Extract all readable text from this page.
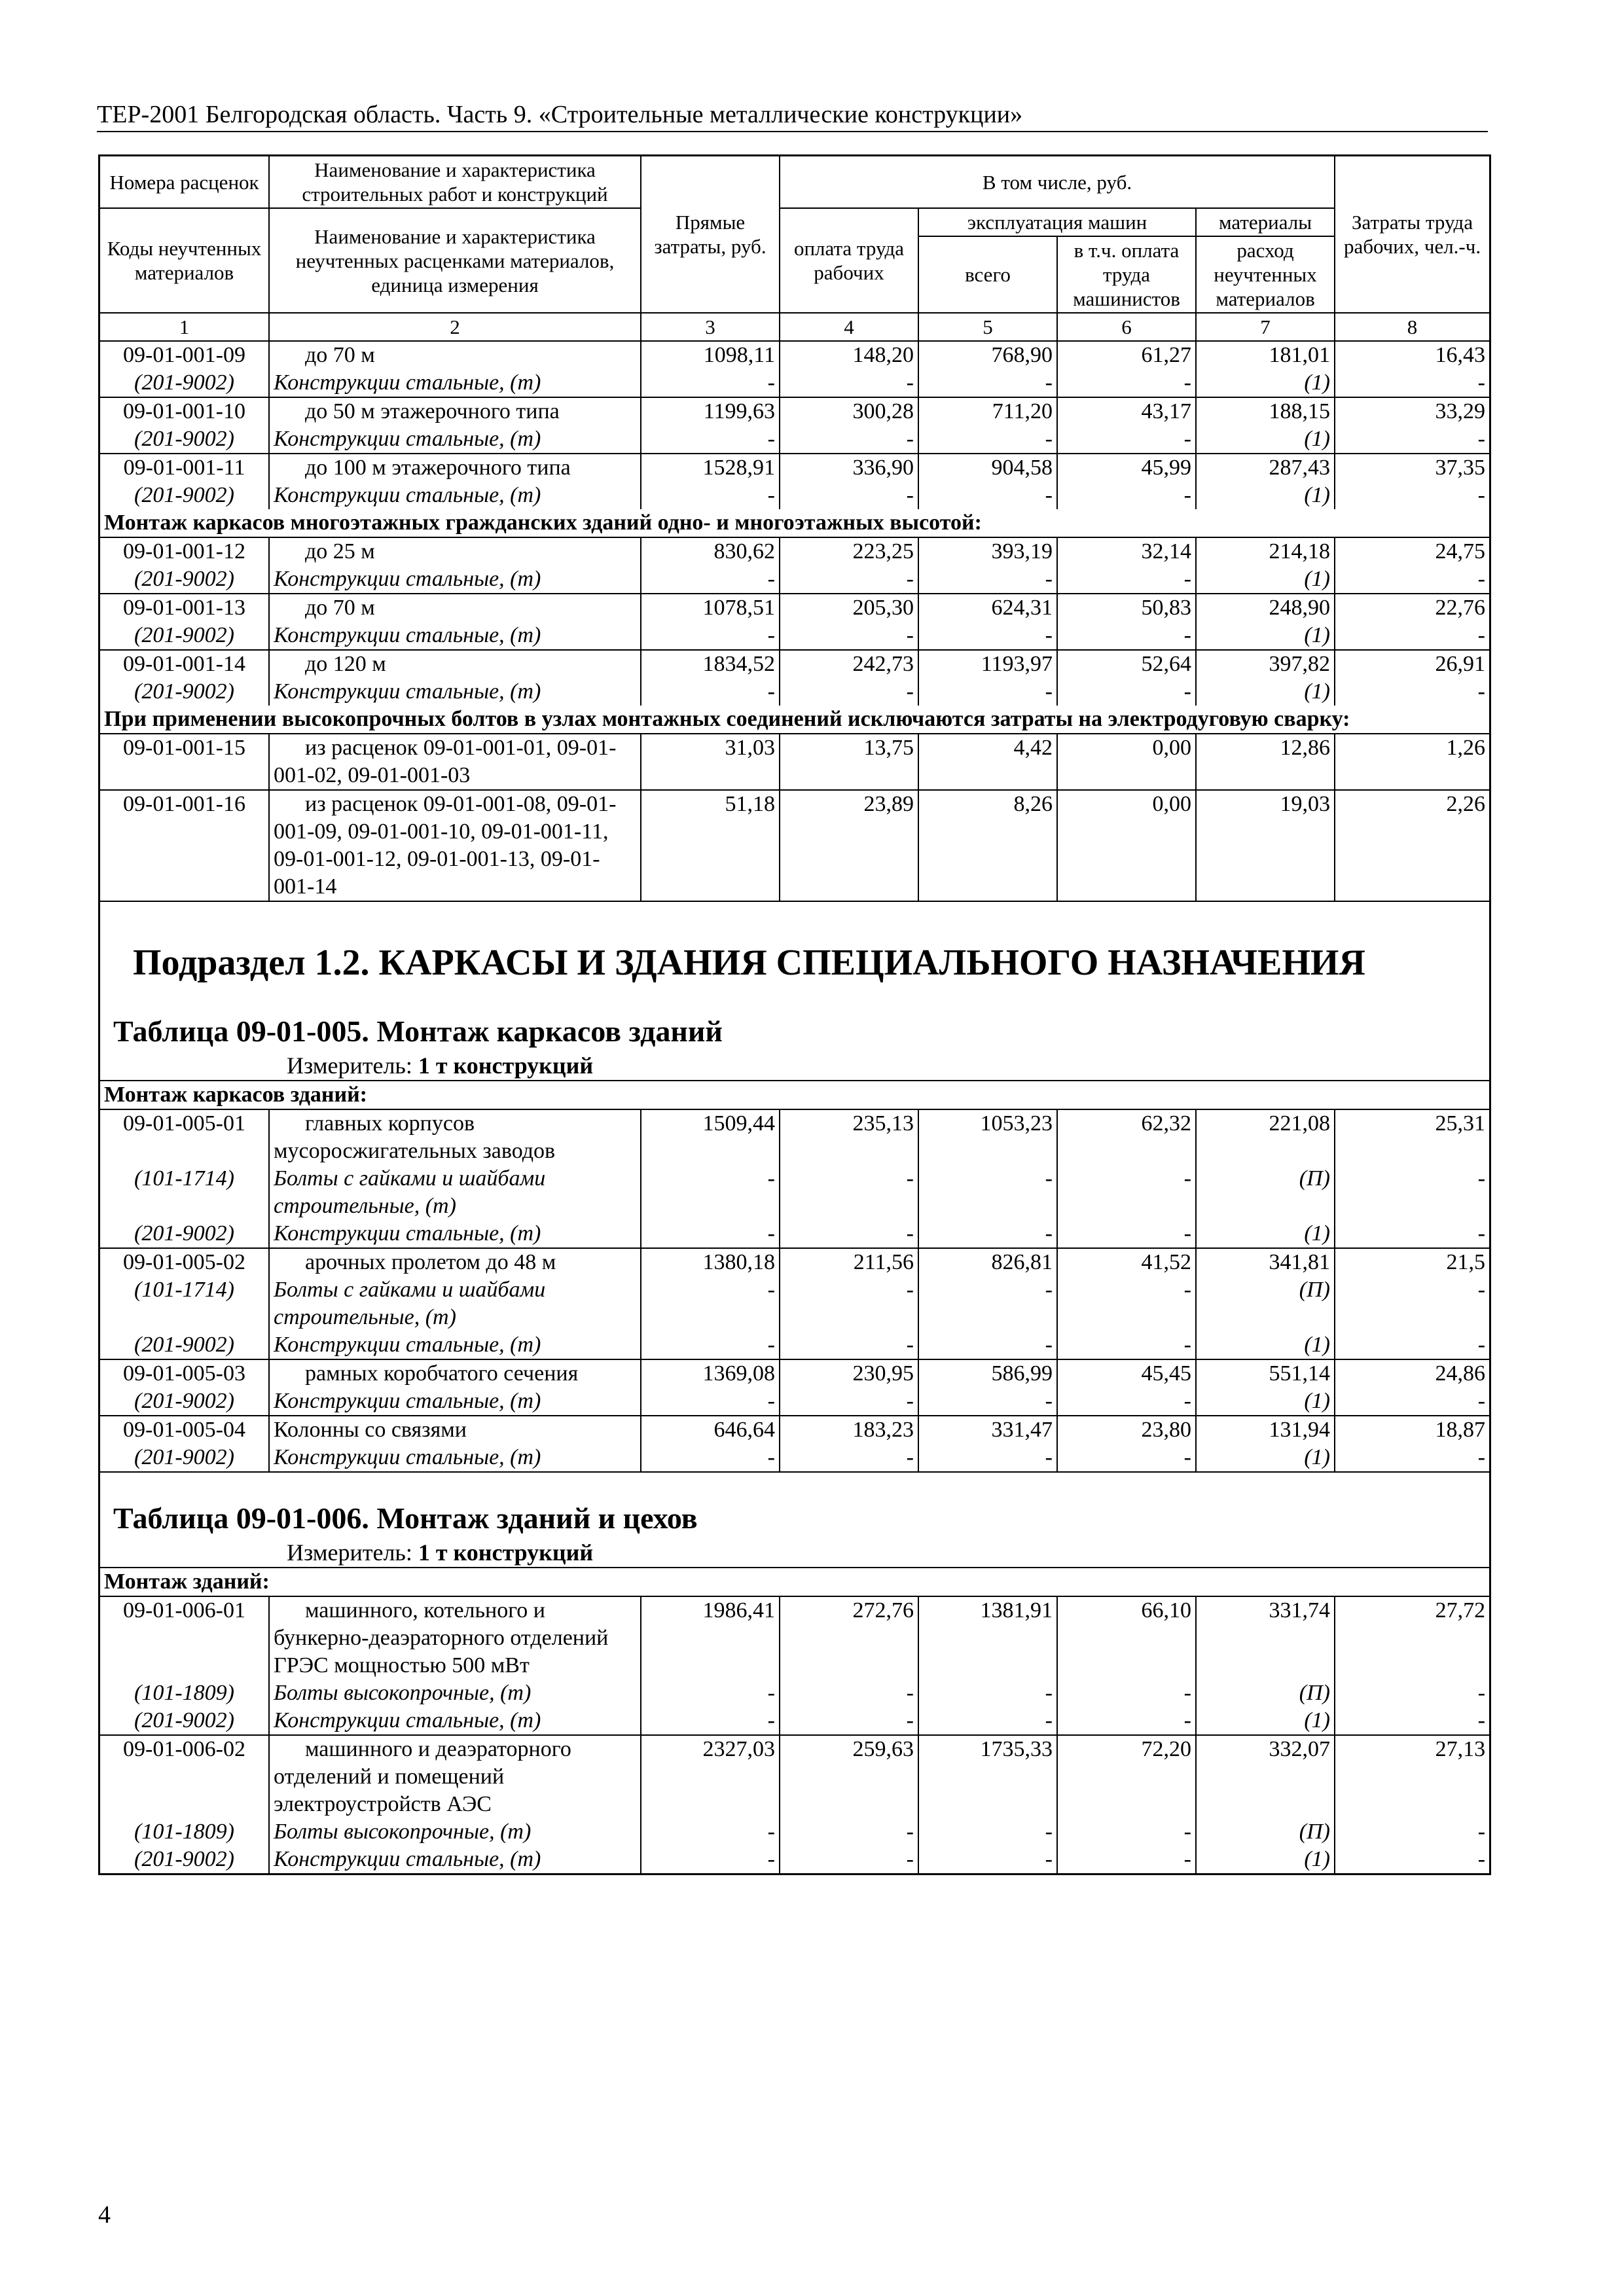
ТЕР-2001 Белгородская область. Часть 9. «Строительные металлические конструкции»
Номера расценок	Наименование и характеристика строительных работ и конструкций	Прямые затраты, руб.	В том числе, руб.				Затраты труда рабочих, чел.-ч.
Коды неучтенных материалов	Наименование и характеристика неучтенных расценками материалов, единица измерения		оплата труда рабочих	эксплуатация машин		материалы	
				всего	в т.ч. оплата труда машинистов	расход неучтенных материалов	
1	2	3	4	5	6	7	8
09-01-001-09	до 70 м	1098,11	148,20	768,90	61,27	181,01	16,43
(201-9002)	Конструкции стальные, (т)	-	-	-	-	(1)	-
09-01-001-10	до 50 м этажерочного типа	1199,63	300,28	711,20	43,17	188,15	33,29
(201-9002)	Конструкции стальные, (т)	-	-	-	-	(1)	-
09-01-001-11	до 100 м этажерочного типа	1528,91	336,90	904,58	45,99	287,43	37,35
(201-9002)	Конструкции стальные, (т)	-	-	-	-	(1)	-
Монтаж каркасов многоэтажных гражданских зданий одно- и многоэтажных высотой:							
09-01-001-12	до 25 м	830,62	223,25	393,19	32,14	214,18	24,75
(201-9002)	Конструкции стальные, (т)	-	-	-	-	(1)	-
09-01-001-13	до 70 м	1078,51	205,30	624,31	50,83	248,90	22,76
(201-9002)	Конструкции стальные, (т)	-	-	-	-	(1)	-
09-01-001-14	до 120 м	1834,52	242,73	1193,97	52,64	397,82	26,91
(201-9002)	Конструкции стальные, (т)	-	-	-	-	(1)	-
При применении высокопрочных болтов в узлах монтажных соединений исключаются затраты на электродуговую сварку:							
09-01-001-15	из расценок 09-01-001-01, 09-01-001-02, 09-01-001-03	31,03	13,75	4,42	0,00	12,86	1,26
09-01-001-16	из расценок 09-01-001-08, 09-01-001-09, 09-01-001-10, 09-01-001-11, 09-01-001-12, 09-01-001-13, 09-01-001-14	51,18	23,89	8,26	0,00	19,03	2,26
Подраздел 1.2. КАРКАСЫ И ЗДАНИЯ СПЕЦИАЛЬНОГО НАЗНАЧЕНИЯ
Таблица 09-01-005. Монтаж каркасов зданий
Измеритель: 1 т конструкций
Монтаж каркасов зданий:							
09-01-005-01	главных корпусов мусоросжигательных заводов	1509,44	235,13	1053,23	62,32	221,08	25,31
(101-1714)	Болты с гайками и шайбами строительные, (т)	-	-	-	-	(П)	-
(201-9002)	Конструкции стальные, (т)	-	-	-	-	(1)	-
09-01-005-02	арочных пролетом до 48 м	1380,18	211,56	826,81	41,52	341,81	21,5
(101-1714)	Болты с гайками и шайбами строительные, (т)	-	-	-	-	(П)	-
(201-9002)	Конструкции стальные, (т)	-	-	-	-	(1)	-
09-01-005-03	рамных коробчатого сечения	1369,08	230,95	586,99	45,45	551,14	24,86
(201-9002)	Конструкции стальные, (т)	-	-	-	-	(1)	-
09-01-005-04	Колонны со связями	646,64	183,23	331,47	23,80	131,94	18,87
(201-9002)	Конструкции стальные, (т)	-	-	-	-	(1)	-
Таблица 09-01-006. Монтаж зданий и цехов
Измеритель: 1 т конструкций
Монтаж зданий:							
09-01-006-01	машинного, котельного и бункерно-деаэраторного отделений ГРЭС мощностью 500 мВт	1986,41	272,76	1381,91	66,10	331,74	27,72
(101-1809)	Болты высокопрочные, (т)	-	-	-	-	(П)	-
(201-9002)	Конструкции стальные, (т)	-	-	-	-	(1)	-
09-01-006-02	машинного и деаэраторного отделений и помещений электроустройств АЭС	2327,03	259,63	1735,33	72,20	332,07	27,13
(101-1809)	Болты высокопрочные, (т)	-	-	-	-	(П)	-
(201-9002)	Конструкции стальные, (т)	-	-	-	-	(1)	-
4
